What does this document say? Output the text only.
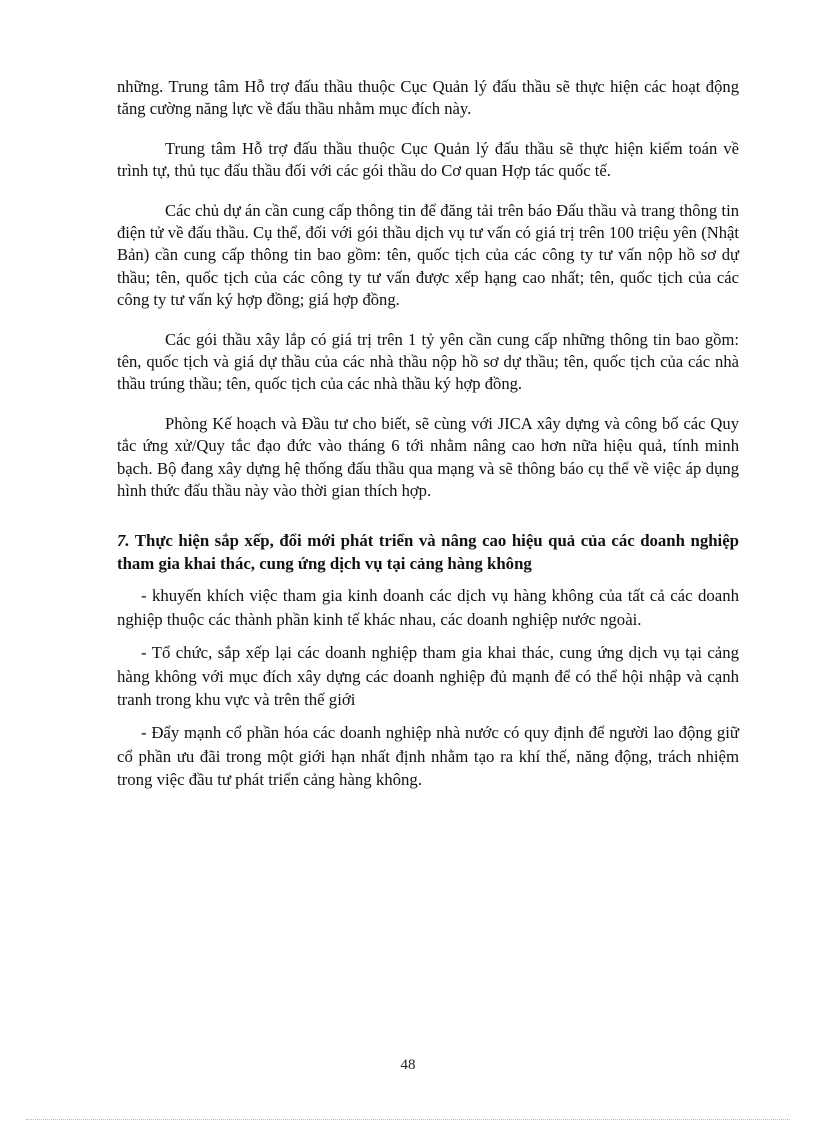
những. Trung tâm Hỗ trợ đấu thầu thuộc Cục Quản lý đấu thầu sẽ thực hiện các hoạt động tăng cường năng lực về đấu thầu nhằm mục đích này.

Trung tâm Hỗ trợ đấu thầu thuộc Cục Quản lý đấu thầu sẽ thực hiện kiểm toán về trình tự, thủ tục đấu thầu đối với các gói thầu do Cơ quan Hợp tác quốc tế.

Các chủ dự án cần cung cấp thông tin để đăng tải trên báo Đấu thầu và trang thông tin điện tử về đấu thầu. Cụ thể, đối với gói thầu dịch vụ tư vấn có giá trị trên 100 triệu yên (Nhật Bản) cần cung cấp thông tin bao gồm: tên, quốc tịch của các công ty tư vấn nộp hồ sơ dự thầu; tên, quốc tịch của các công ty tư vấn được xếp hạng cao nhất; tên, quốc tịch của các công ty tư vấn ký hợp đồng; giá hợp đồng.

Các gói thầu xây lắp có giá trị trên 1 tỷ yên cần cung cấp những thông tin bao gồm: tên, quốc tịch và giá dự thầu của các nhà thầu nộp hồ sơ dự thầu; tên, quốc tịch của các nhà thầu trúng thầu; tên, quốc tịch của các nhà thầu ký hợp đồng.

Phòng Kế hoạch và Đầu tư cho biết, sẽ cùng với JICA xây dựng và công bố các Quy tắc ứng xử/Quy tắc đạo đức vào tháng 6 tới nhằm nâng cao hơn nữa hiệu quả, tính minh bạch. Bộ đang xây dựng hệ thống đấu thầu qua mạng và sẽ thông báo cụ thể về việc áp dụng hình thức đấu thầu này vào thời gian thích hợp.

7. Thực hiện sắp xếp, đổi mới phát triển và nâng cao hiệu quả của các doanh nghiệp tham gia khai thác, cung ứng dịch vụ tại cảng hàng không

- khuyến khích việc tham gia kinh doanh các dịch vụ hàng không của tất cả các doanh nghiệp thuộc các thành phần kinh tế khác nhau, các doanh nghiệp nước ngoài.

- Tổ chức, sắp xếp lại các doanh nghiệp tham gia khai thác, cung ứng dịch vụ tại cảng hàng không với mục đích xây dựng các doanh nghiệp đủ mạnh để có thể hội nhập và cạnh tranh trong khu vực và trên thế giới

- Đẩy mạnh cổ phần hóa các doanh nghiệp nhà nước có quy định để người lao động giữ cổ phần ưu đãi trong một giới hạn nhất định nhằm tạo ra khí thế, năng động, trách nhiệm trong việc đầu tư phát triển cảng hàng không.

48
